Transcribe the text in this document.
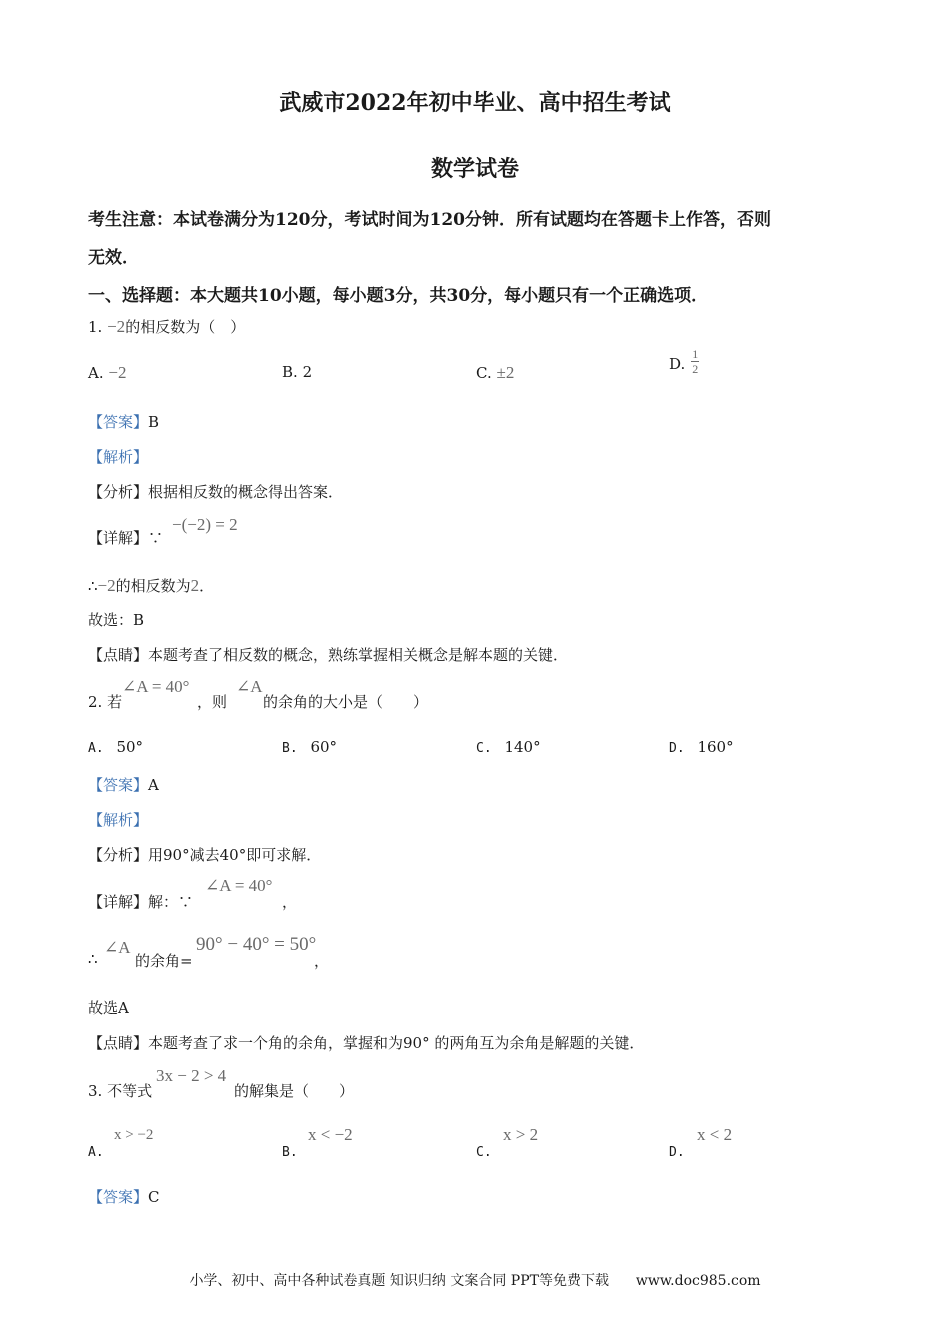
武威市2022年初中毕业、高中招生考试
数学试卷
考生注意：本试卷满分为120分，考试时间为120分钟．所有试题均在答题卡上作答，否则
无效．
一、选择题：本大题共10小题，每小题3分，共30分，每小题只有一个正确选项．
1. −2的相反数为（　）
A. −2	B. 2	C. ±2	D. $\frac{1}{2}$
【答案】B
【解析】
【分析】根据相反数的概念得出答案．
【详解】∵
−(−2) = 2
∴−2的相反数为2．
故选：B
【点睛】本题考查了相反数的概念，熟练掌握相关概念是解本题的关键．
2. 若
∠A = 40°
，则
∠A
的余角的大小是（　　）
A. 50°	B. 60°	C. 140°	D. 160°
【答案】A
【解析】
【分析】用90°减去40°即可求解．
【详解】解：∵
∠A = 40°
，
∴
∠A
的余角=
90° − 40° = 50°
，
故选A
【点睛】本题考查了求一个角的余角，掌握和为90° 的两角互为余角是解题的关键．
3. 不等式
3x − 2 > 4
的解集是（　　）
A.
x > −2
B.
x < −2
C.
x > 2
D.
x < 2
【答案】C
小学、初中、高中各种试卷真题 知识归纳 文案合同 PPT等免费下载 www.doc985.com
